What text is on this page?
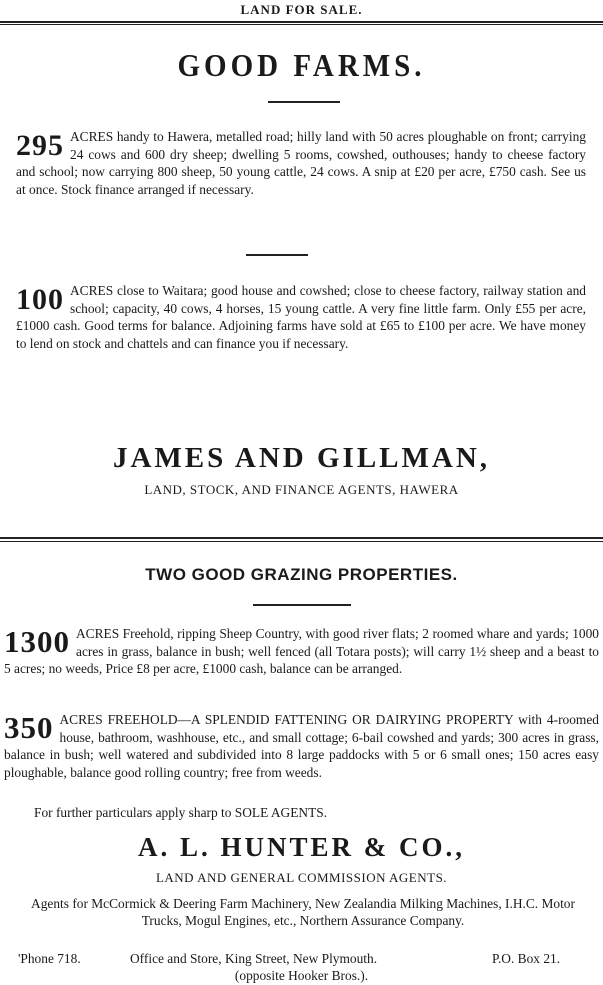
LAND FOR SALE.
GOOD FARMS.
295 ACRES handy to Hawera, metalled road; hilly land with 50 acres ploughable on front; carrying 24 cows and 600 dry sheep; dwelling 5 rooms, cowshed, outhouses; handy to cheese factory and school; now carrying 800 sheep, 50 young cattle, 24 cows. A snip at £20 per acre, £750 cash. See us at once. Stock finance arranged if necessary.
100 ACRES close to Waitara; good house and cowshed; close to cheese factory, railway station and school; capacity, 40 cows, 4 horses, 15 young cattle. A very fine little farm. Only £55 per acre, £1000 cash. Good terms for balance. Adjoining farms have sold at £65 to £100 per acre. We have money to lend on stock and chattels and can finance you if necessary.
JAMES AND GILLMAN,
LAND, STOCK, AND FINANCE AGENTS, HAWERA
TWO GOOD GRAZING PROPERTIES.
1300 ACRES Freehold, ripping Sheep Country, with good river flats; 2 roomed whare and yards; 1000 acres in grass, balance in bush; well fenced (all Totara posts); will carry 1½ sheep and a beast to 5 acres; no weeds, Price £8 per acre, £1000 cash, balance can be arranged.
350 ACRES FREEHOLD—A SPLENDID FATTENING OR DAIRYING PROPERTY with 4-roomed house, bathroom, washhouse, etc., and small cottage; 6-bail cowshed and yards; 300 acres in grass, balance in bush; well watered and subdivided into 8 large paddocks with 5 or 6 small ones; 150 acres easy ploughable, balance good rolling country; free from weeds.
For further particulars apply sharp to SOLE AGENTS.
A. L. HUNTER & CO.,
LAND AND GENERAL COMMISSION AGENTS.
Agents for McCormick & Deering Farm Machinery, New Zealandia Milking Machines, I.H.C. Motor Trucks, Mogul Engines, etc., Northern Assurance Company.
'Phone 718.	Office and Store, King Street, New Plymouth.	P.O. Box 21.
(opposite Hooker Bros.).
